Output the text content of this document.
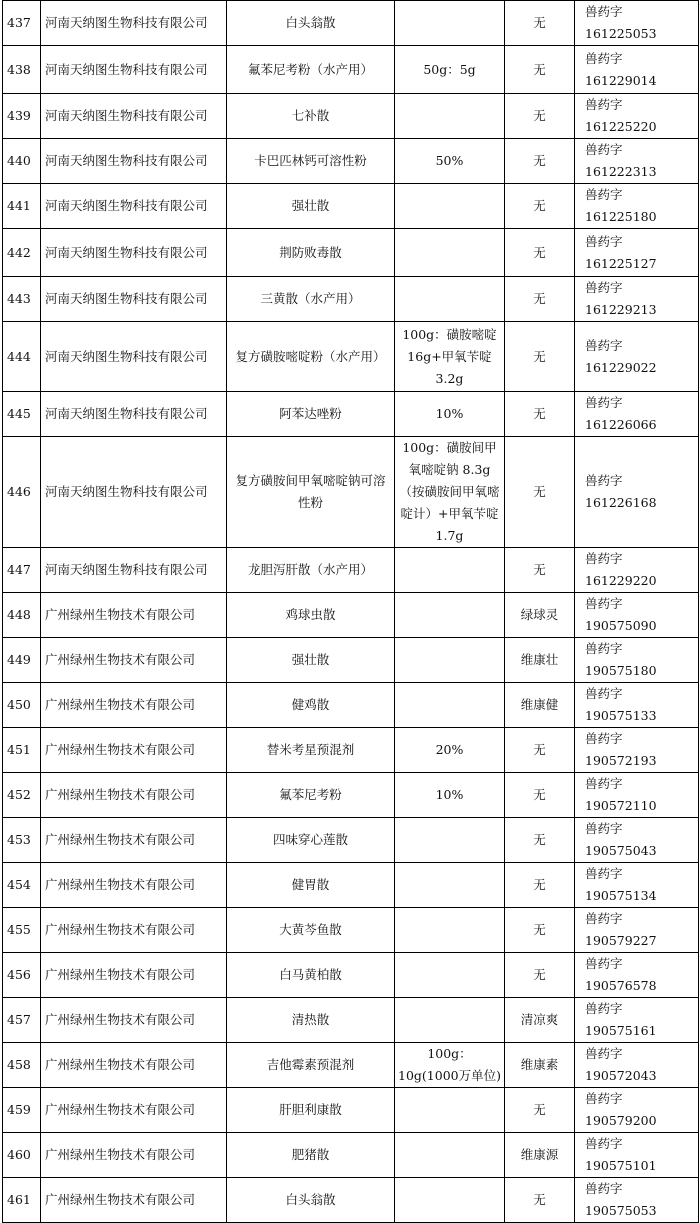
437	河南天纳图生物科技有限公司	白头翁散		无	兽药字 161225053
438	河南天纳图生物科技有限公司	氟苯尼考粉（水产用）	50g：5g	无	兽药字 161229014
439	河南天纳图生物科技有限公司	七补散		无	兽药字 161225220
440	河南天纳图生物科技有限公司	卡巴匹林钙可溶性粉	50%	无	兽药字 161222313
441	河南天纳图生物科技有限公司	强壮散		无	兽药字 161225180
442	河南天纳图生物科技有限公司	荆防败毒散		无	兽药字 161225127
443	河南天纳图生物科技有限公司	三黄散（水产用）		无	兽药字 161229213
444	河南天纳图生物科技有限公司	复方磺胺嘧啶粉（水产用）	100g：磺胺嘧啶16g+甲氧苄啶3.2g	无	兽药字 161229022
445	河南天纳图生物科技有限公司	阿苯达唑粉	10%	无	兽药字 161226066
446	河南天纳图生物科技有限公司	复方磺胺间甲氧嘧啶钠可溶性粉	100g：磺胺间甲氧嘧啶钠 8.3g（按磺胺间甲氧嘧啶计）+甲氧苄啶 1.7g	无	兽药字 161226168
447	河南天纳图生物科技有限公司	龙胆泻肝散（水产用）		无	兽药字 161229220
448	广州绿州生物技术有限公司	鸡球虫散		绿球灵	兽药字 190575090
449	广州绿州生物技术有限公司	强壮散		维康壮	兽药字 190575180
450	广州绿州生物技术有限公司	健鸡散		维康健	兽药字 190575133
451	广州绿州生物技术有限公司	替米考星预混剂	20%	无	兽药字 190572193
452	广州绿州生物技术有限公司	氟苯尼考粉	10%	无	兽药字 190572110
453	广州绿州生物技术有限公司	四味穿心莲散		无	兽药字 190575043
454	广州绿州生物技术有限公司	健胃散		无	兽药字 190575134
455	广州绿州生物技术有限公司	大黄芩鱼散		无	兽药字 190579227
456	广州绿州生物技术有限公司	白马黄柏散		无	兽药字 190576578
457	广州绿州生物技术有限公司	清热散		清凉爽	兽药字 190575161
458	广州绿州生物技术有限公司	吉他霉素预混剂	100g：10g(1000万单位)	维康素	兽药字 190572043
459	广州绿州生物技术有限公司	肝胆利康散		无	兽药字 190579200
460	广州绿州生物技术有限公司	肥猪散		维康源	兽药字 190575101
461	广州绿州生物技术有限公司	白头翁散		无	兽药字 190575053
